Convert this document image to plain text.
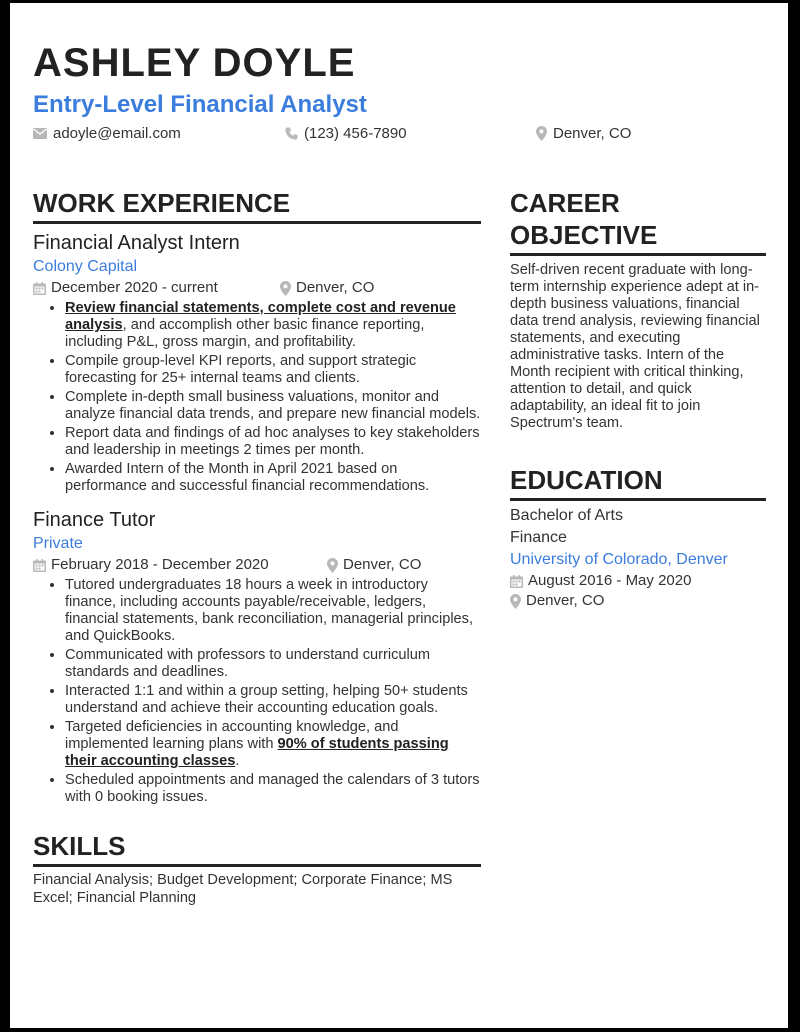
ASHLEY DOYLE
Entry-Level Financial Analyst
adoyle@email.com	(123) 456-7890	Denver, CO
WORK EXPERIENCE
Financial Analyst Intern
Colony Capital
December 2020 - current	Denver, CO
• Review financial statements, complete cost and revenue analysis, and accomplish other basic finance reporting, including P&L, gross margin, and profitability.
• Compile group-level KPI reports, and support strategic forecasting for 25+ internal teams and clients.
• Complete in-depth small business valuations, monitor and analyze financial data trends, and prepare new financial models.
• Report data and findings of ad hoc analyses to key stakeholders and leadership in meetings 2 times per month.
• Awarded Intern of the Month in April 2021 based on performance and successful financial recommendations.
Finance Tutor
Private
February 2018 - December 2020	Denver, CO
• Tutored undergraduates 18 hours a week in introductory finance, including accounts payable/receivable, ledgers, financial statements, bank reconciliation, managerial principles, and QuickBooks.
• Communicated with professors to understand curriculum standards and deadlines.
• Interacted 1:1 and within a group setting, helping 50+ students understand and achieve their accounting education goals.
• Targeted deficiencies in accounting knowledge, and implemented learning plans with 90% of students passing their accounting classes.
• Scheduled appointments and managed the calendars of 3 tutors with 0 booking issues.
SKILLS
Financial Analysis; Budget Development; Corporate Finance; MS Excel; Financial Planning
CAREER
OBJECTIVE
Self-driven recent graduate with long-term internship experience adept at in-depth business valuations, financial data trend analysis, reviewing financial statements, and executing administrative tasks. Intern of the Month recipient with critical thinking, attention to detail, and quick adaptability, an ideal fit to join Spectrum's team.
EDUCATION
Bachelor of Arts
Finance
University of Colorado, Denver
August 2016 - May 2020
Denver, CO
